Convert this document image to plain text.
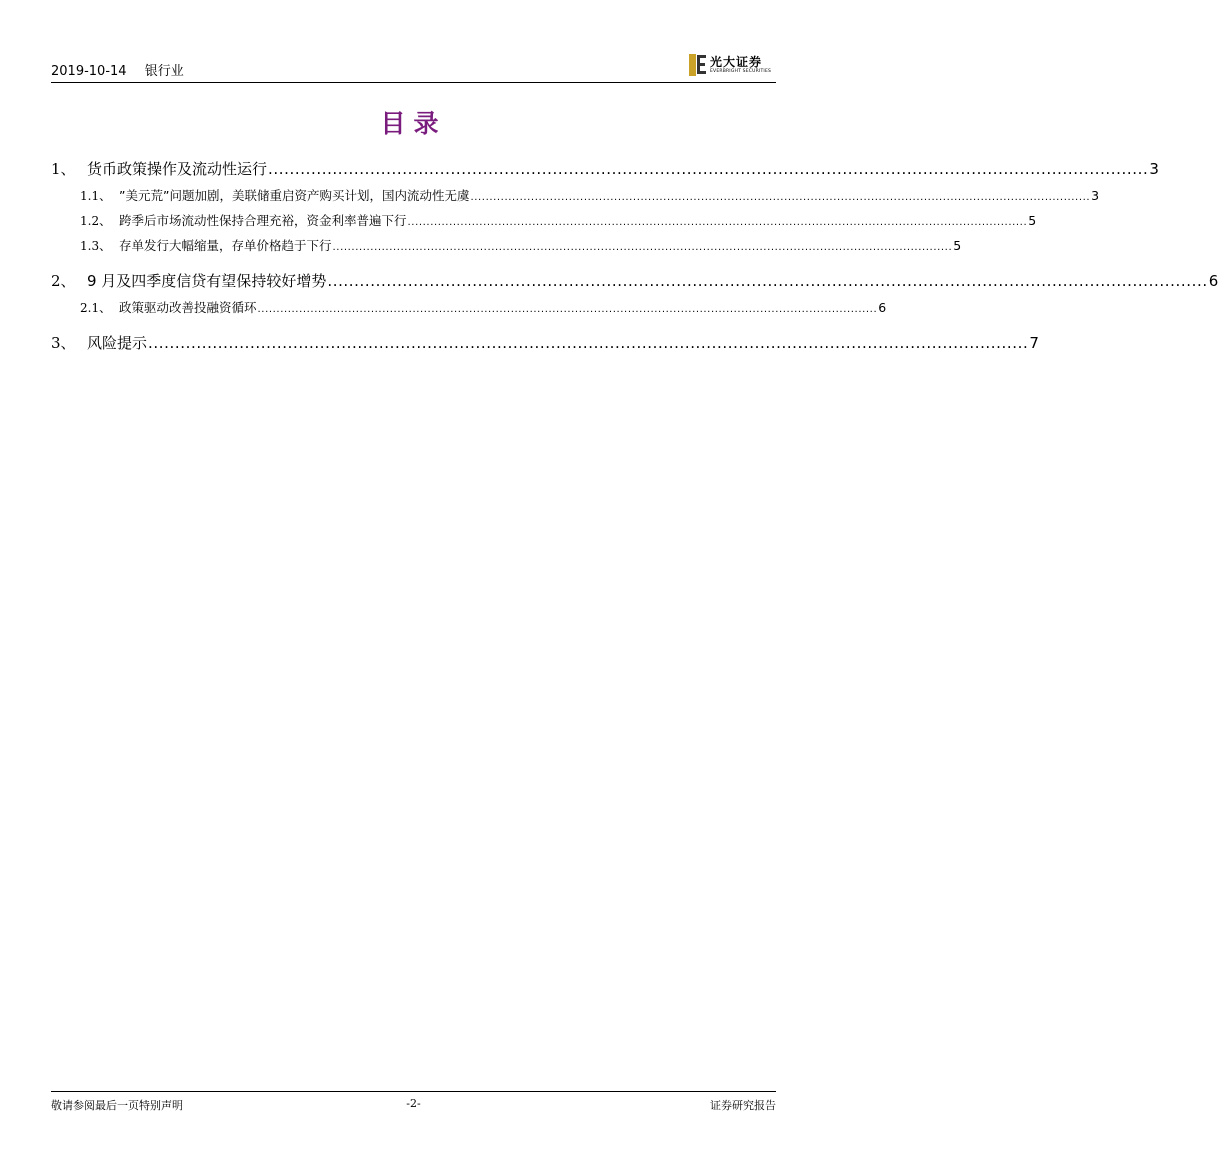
2019-10-14 银行业
光大证券
EVERBRIGHT SECURITIES
目录
1、 货币政策操作及流动性运行 .................................................................................................................................................................... 3
1.1、 ”美元荒”问题加剧，美联储重启资产购买计划，国内流动性无虞 .................................................................................................................................................................... 3
1.2、 跨季后市场流动性保持合理充裕，资金利率普遍下行 .................................................................................................................................................................... 5
1.3、 存单发行大幅缩量，存单价格趋于下行 .................................................................................................................................................................... 5
2、 9 月及四季度信贷有望保持较好增势 .................................................................................................................................................................... 6
2.1、 政策驱动改善投融资循环 .................................................................................................................................................................... 6
3、 风险提示 .................................................................................................................................................................... 7
敬请参阅最后一页特别声明	-2-	证券研究报告
